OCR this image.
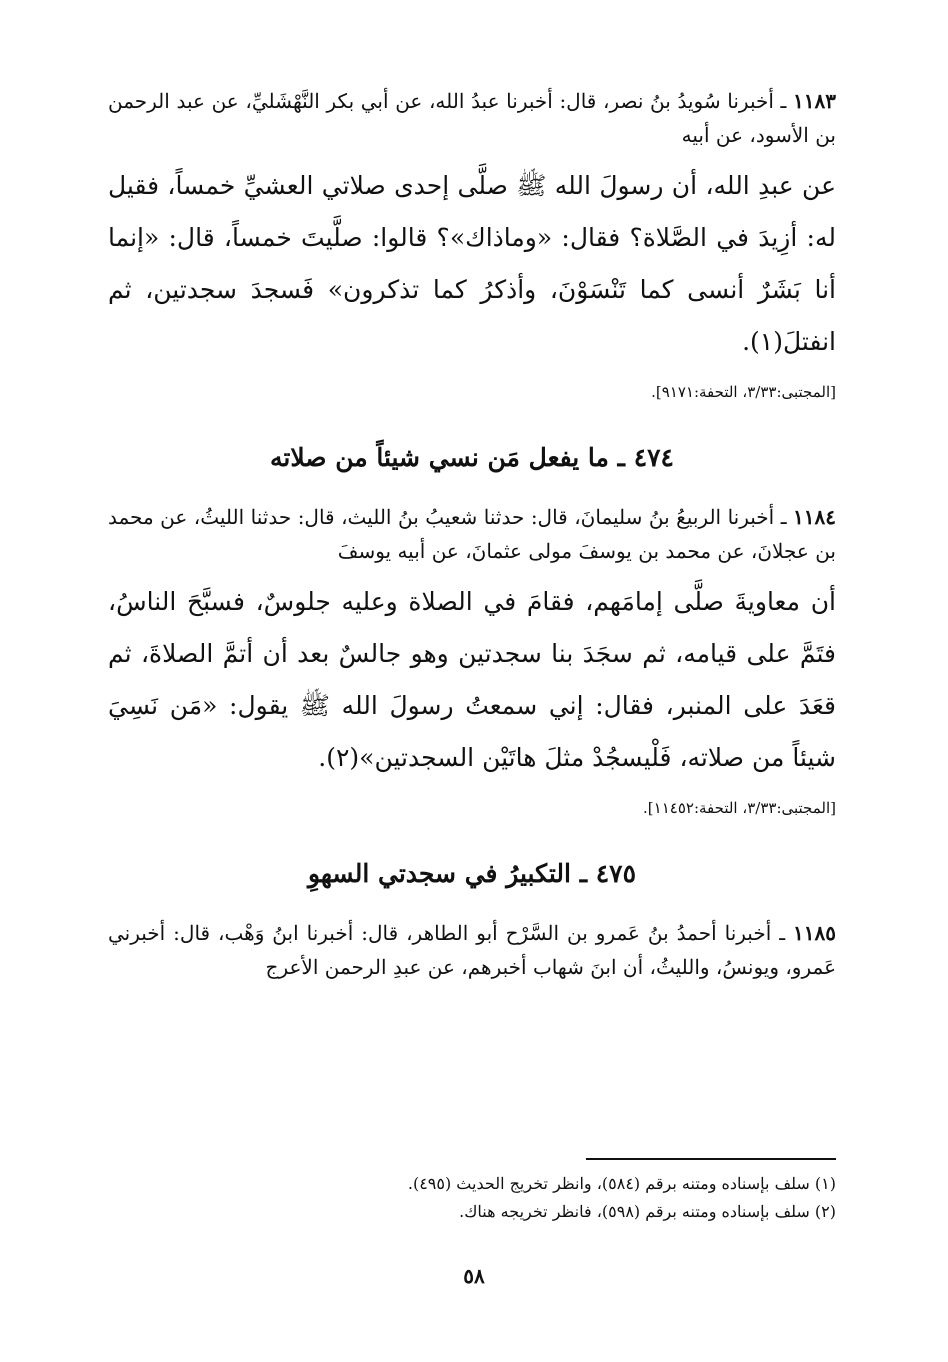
١١٨٣ ـ أخبرنا سُويدُ بنُ نصر، قال: أخبرنا عبدُ الله، عن أبي بكر النَّهْشَليِّ، عن عبد الرحمن بن الأسود، عن أبيه

عن عبدِ الله، أن رسولَ الله ﷺ صلَّى إحدى صلاتي العشيِّ خمساً، فقيل له: أزِيدَ في الصَّلاة؟ فقال: «وماذاك»؟ قالوا: صلَّيتَ خمساً، قال: «إنما أنا بَشَرٌ أنسى كما تَنْسَوْنَ، وأذكرُ كما تذكرون» فَسجدَ سجدتين، ثم انفتلَ(١).

[المجتبى:٣/٣٣، التحفة:٩١٧١].

٤٧٤ ـ ما يفعل مَن نسي شيئاً من صلاته

١١٨٤ ـ أخبرنا الربيعُ بنُ سليمانَ، قال: حدثنا شعيبُ بنُ الليث، قال: حدثنا الليثُ، عن محمد بن عجلانَ، عن محمد بن يوسفَ مولى عثمانَ، عن أبيه يوسفَ

أن معاويةَ صلَّى إمامَهم، فقامَ في الصلاة وعليه جلوسٌ، فسبَّحَ الناسُ، فتَمَّ على قيامه، ثم سجَدَ بنا سجدتين وهو جالسٌ بعد أن أتمَّ الصلاةَ، ثم قعَدَ على المنبر، فقال: إني سمعتُ رسولَ الله ﷺ يقول: «مَن نَسِيَ شيئاً من صلاته، فَلْيسجُدْ مثلَ هاتَيْن السجدتين»(٢).

[المجتبى:٣/٣٣، التحفة:١١٤٥٢].

٤٧٥ ـ التكبيرُ في سجدتي السهوِ

١١٨٥ ـ أخبرنا أحمدُ بنُ عَمرو بن السَّرْح أبو الطاهر، قال: أخبرنا ابنُ وَهْب، قال: أخبرني عَمرو، ويونسُ، والليثُ، أن ابنَ شهاب أخبرهم، عن عبدِ الرحمن الأعرج

(١) سلف بإسناده ومتنه برقم (٥٨٤)، وانظر تخريج الحديث (٤٩٥).

(٢) سلف بإسناده ومتنه برقم (٥٩٨)، فانظر تخريجه هناك.

٥٨
